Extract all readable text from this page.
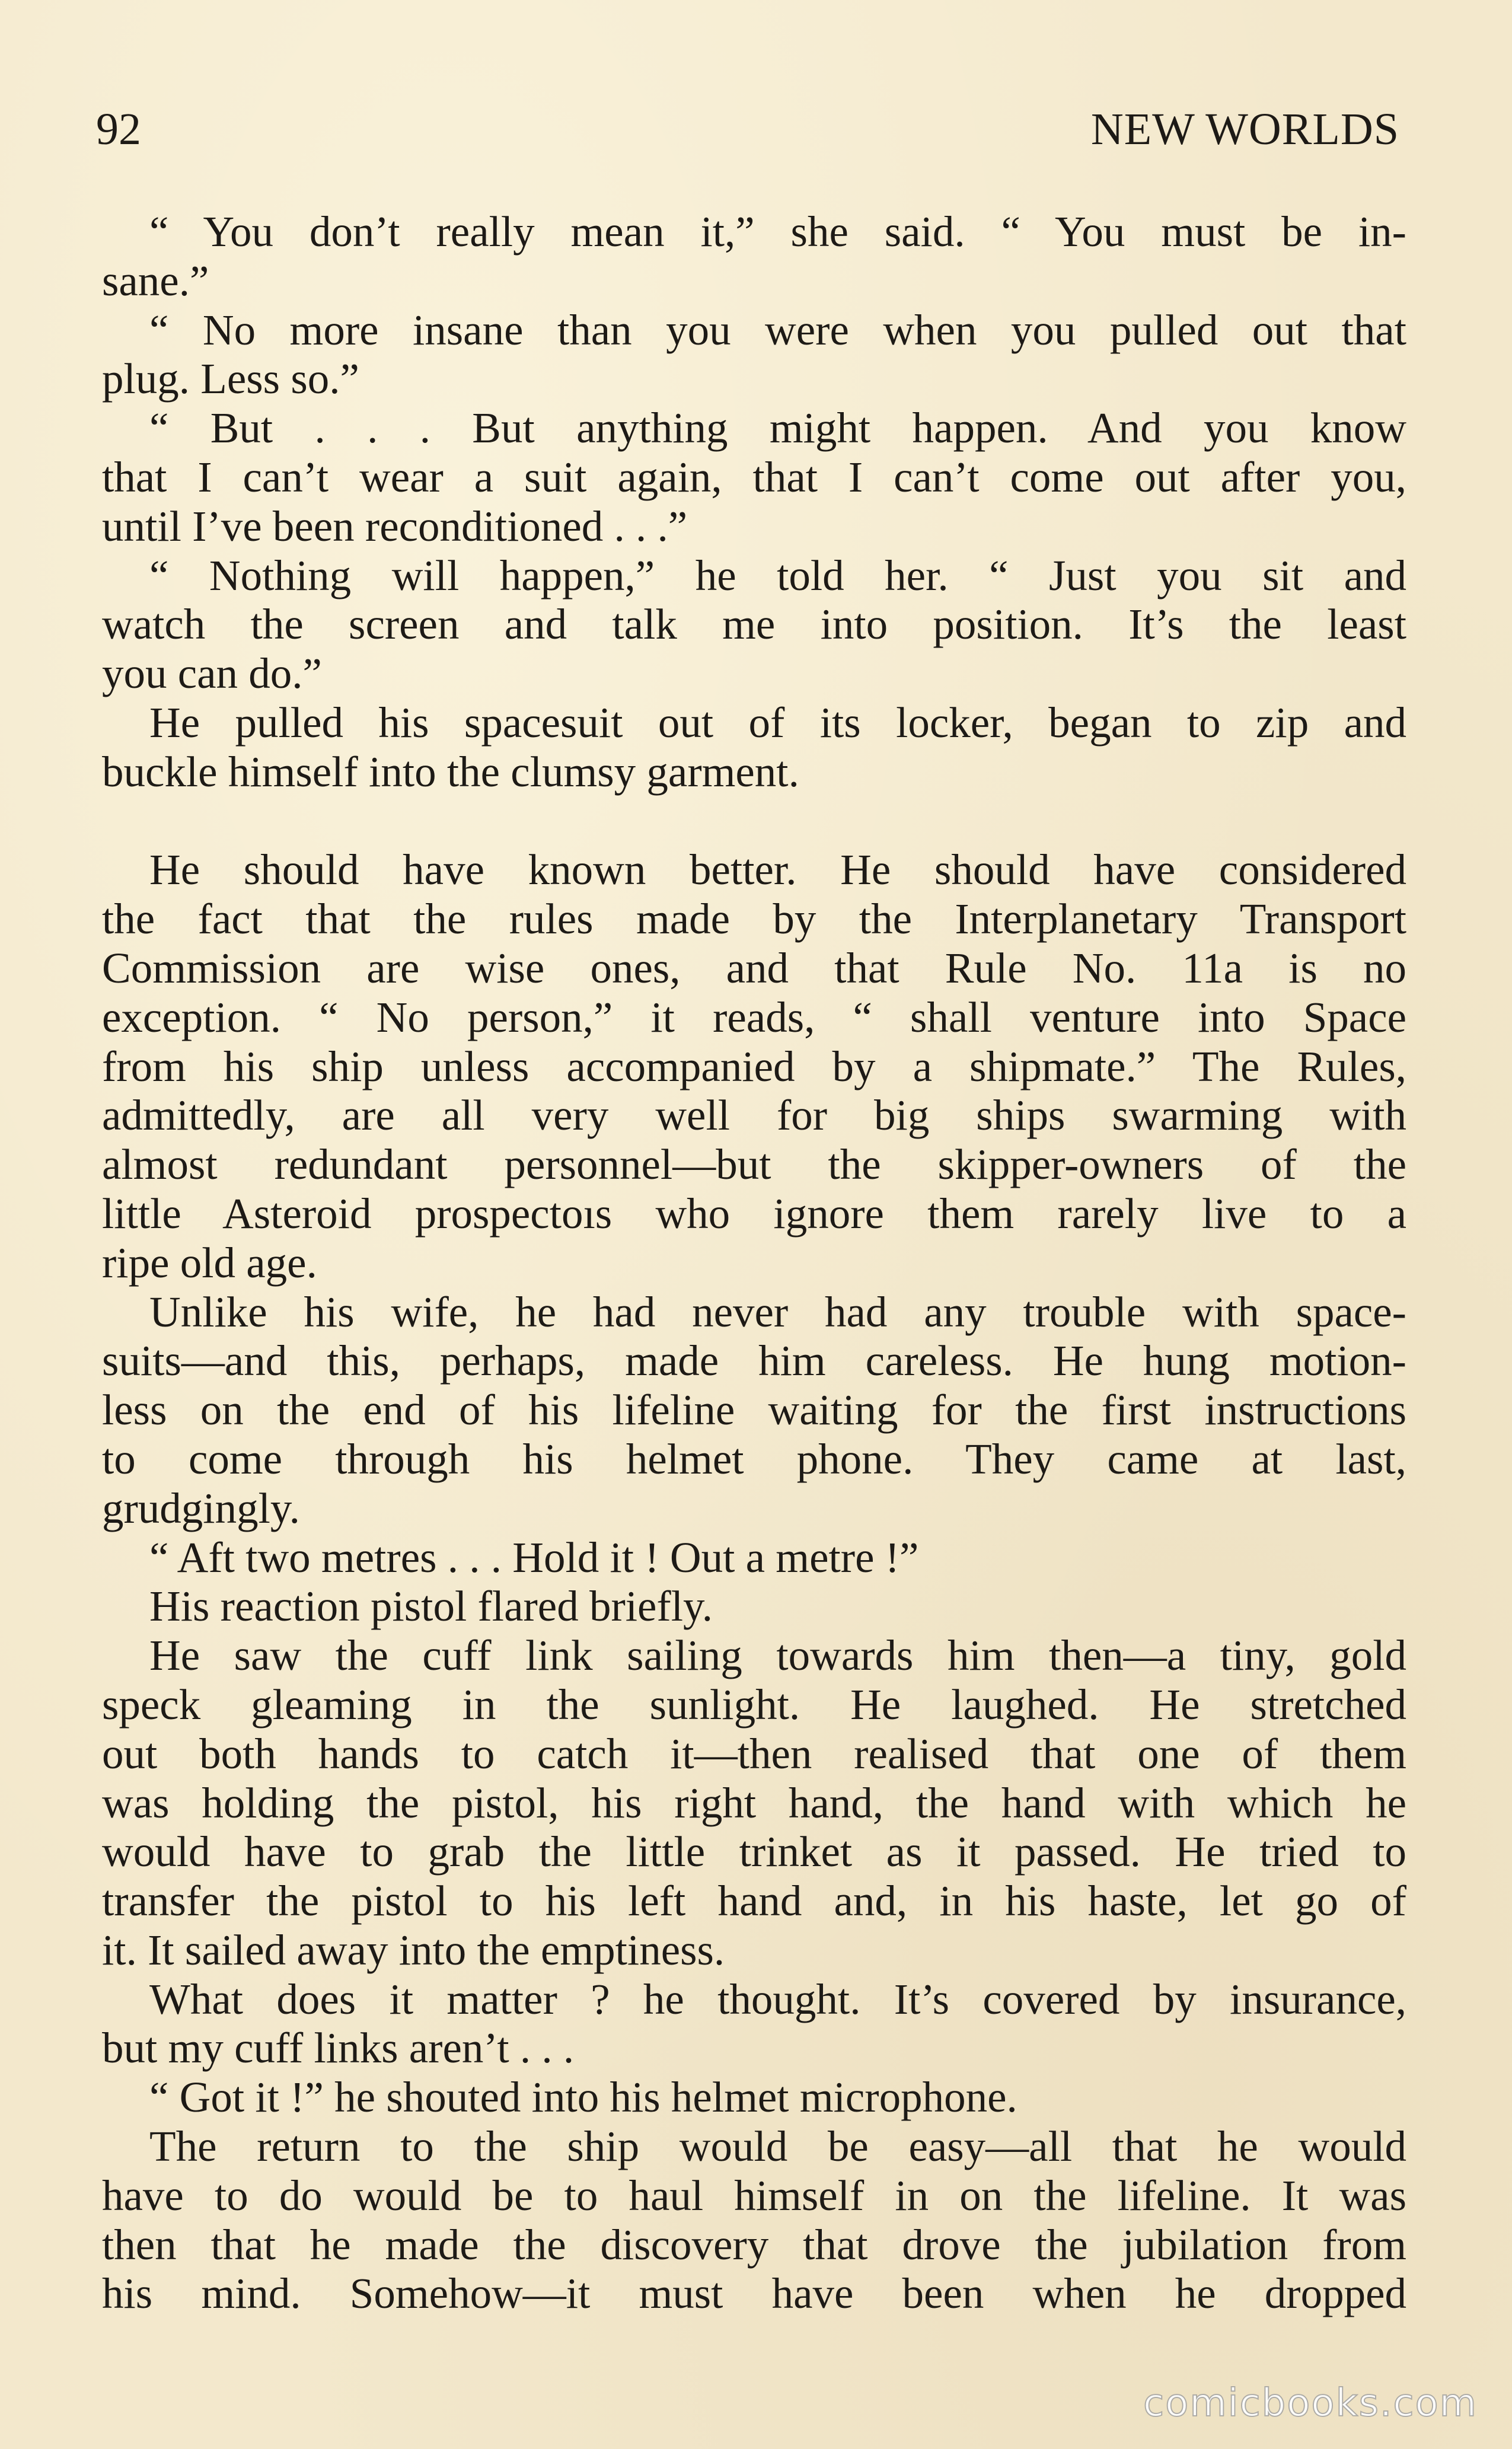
92	NEW WORLDS
“ You don’t really mean it,” she said. “ You must be in-
sane.”
“ No more insane than you were when you pulled out that
plug. Less so.”
“ But . . . But anything might happen. And you know
that I can’t wear a suit again, that I can’t come out after you,
until I’ve been reconditioned . . .”
“ Nothing will happen,” he told her. “ Just you sit and
watch the screen and talk me into position. It’s the least
you can do.”
He pulled his spacesuit out of its locker, began to zip and
buckle himself into the clumsy garment.
He should have known better. He should have considered
the fact that the rules made by the Interplanetary Transport
Commission are wise ones, and that Rule No. 11a is no
exception. “ No person,” it reads, “ shall venture into Space
from his ship unless accompanied by a shipmate.” The Rules,
admittedly, are all very well for big ships swarming with
almost redundant personnel—but the skipper-owners of the
little Asteroid prospectoıs who ignore them rarely live to a
ripe old age.
Unlike his wife, he had never had any trouble with space-
suits—and this, perhaps, made him careless. He hung motion-
less on the end of his lifeline waiting for the first instructions
to come through his helmet phone. They came at last,
grudgingly.
“ Aft two metres . . . Hold it ! Out a metre !”
His reaction pistol flared briefly.
He saw the cuff link sailing towards him then—a tiny, gold
speck gleaming in the sunlight. He laughed. He stretched
out both hands to catch it—then realised that one of them
was holding the pistol, his right hand, the hand with which he
would have to grab the little trinket as it passed. He tried to
transfer the pistol to his left hand and, in his haste, let go of
it. It sailed away into the emptiness.
What does it matter ? he thought. It’s covered by insurance,
but my cuff links aren’t . . .
“ Got it !” he shouted into his helmet microphone.
The return to the ship would be easy—all that he would
have to do would be to haul himself in on the lifeline. It was
then that he made the discovery that drove the jubilation from
his mind. Somehow—it must have been when he dropped
comicbooks.com
